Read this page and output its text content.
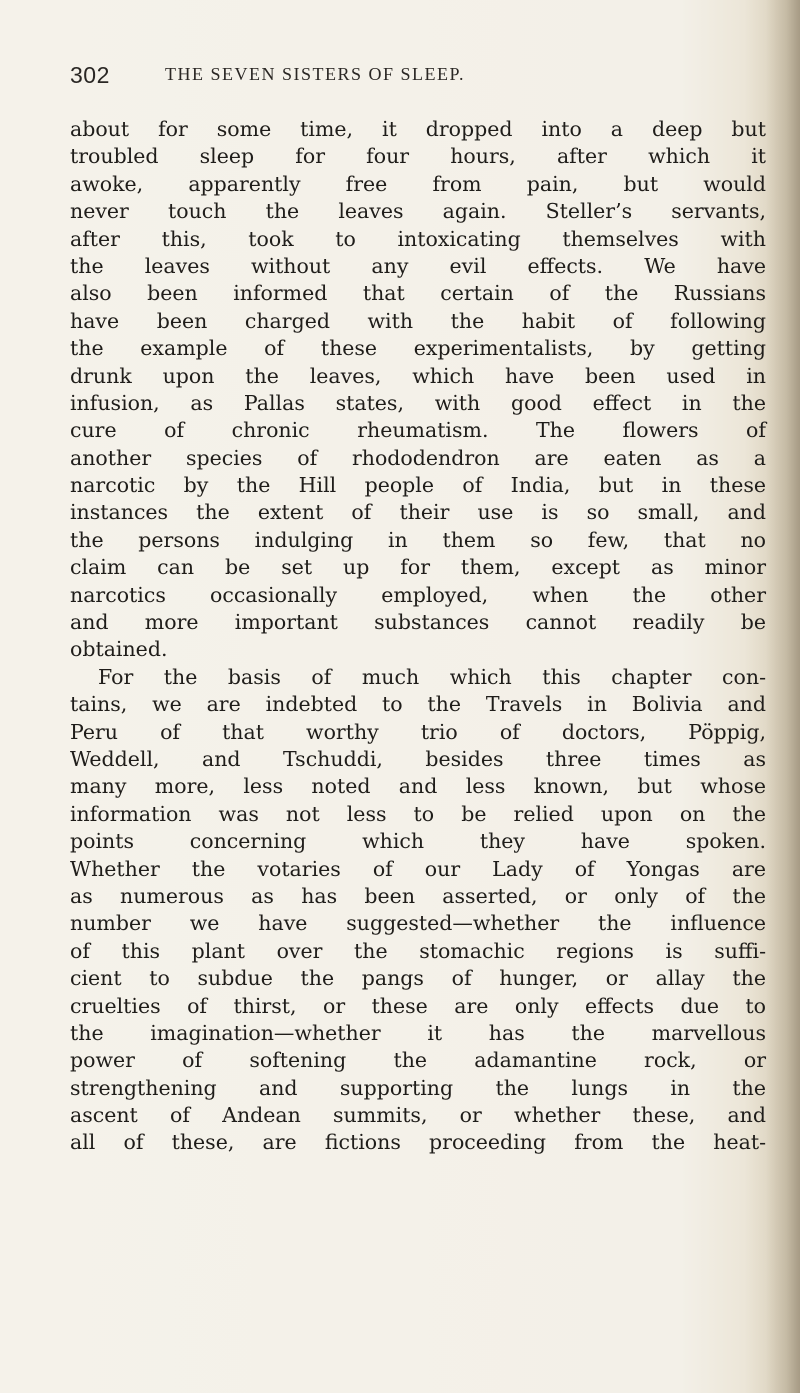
302	THE SEVEN SISTERS OF SLEEP.
about for some time, it dropped into a deep but
troubled sleep for four hours, after which it
awoke, apparently free from pain, but would
never touch the leaves again. Steller’s servants,
after this, took to intoxicating themselves with
the leaves without any evil effects. We have
also been informed that certain of the Russians
have been charged with the habit of following
the example of these experimentalists, by getting
drunk upon the leaves, which have been used in
infusion, as Pallas states, with good effect in the
cure of chronic rheumatism. The flowers of
another species of rhododendron are eaten as a
narcotic by the Hill people of India, but in these
instances the extent of their use is so small, and
the persons indulging in them so few, that no
claim can be set up for them, except as minor
narcotics occasionally employed, when the other
and more important substances cannot readily be
obtained.
For the basis of much which this chapter con-
tains, we are indebted to the Travels in Bolivia and
Peru of that worthy trio of doctors, Pöppig,
Weddell, and Tschuddi, besides three times as
many more, less noted and less known, but whose
information was not less to be relied upon on the
points concerning which they have spoken.
Whether the votaries of our Lady of Yongas are
as numerous as has been asserted, or only of the
number we have suggested—whether the influence
of this plant over the stomachic regions is suffi-
cient to subdue the pangs of hunger, or allay the
cruelties of thirst, or these are only effects due to
the imagination—whether it has the marvellous
power of softening the adamantine rock, or
strengthening and supporting the lungs in the
ascent of Andean summits, or whether these, and
all of these, are fictions proceeding from the heat-
